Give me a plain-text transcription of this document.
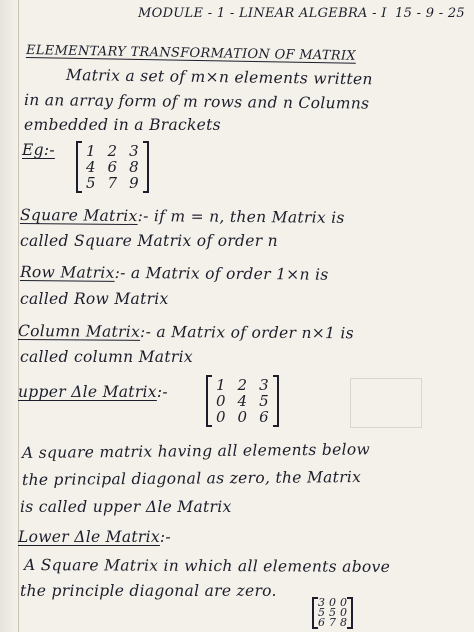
MODULE - 1 - LINEAR ALGEBRA - I 15 - 9 - 25
ELEMENTARY TRANSFORMATION OF MATRIX
Matrix a set of m×n elements written
in an array form of m rows and n Columns
embedded in a Brackets
Eg:- 1 2 3
4 6 8
5 7 9
Square Matrix:- if m = n, then Matrix is
called Square Matrix of order n
Row Matrix:- a Matrix of order 1×n is
called Row Matrix
Column Matrix:- a Matrix of order n×1 is
called column Matrix
upper Δle Matrix:-	1 2 3
0 4 5
0 0 6
A square matrix having all elements below
the principal diagonal as zero, the Matrix
is called upper Δle Matrix
Lower Δle Matrix:-
A Square Matrix in which all elements above
the principle diagonal are zero.
3 0 0
5 5 0
6 7 8
